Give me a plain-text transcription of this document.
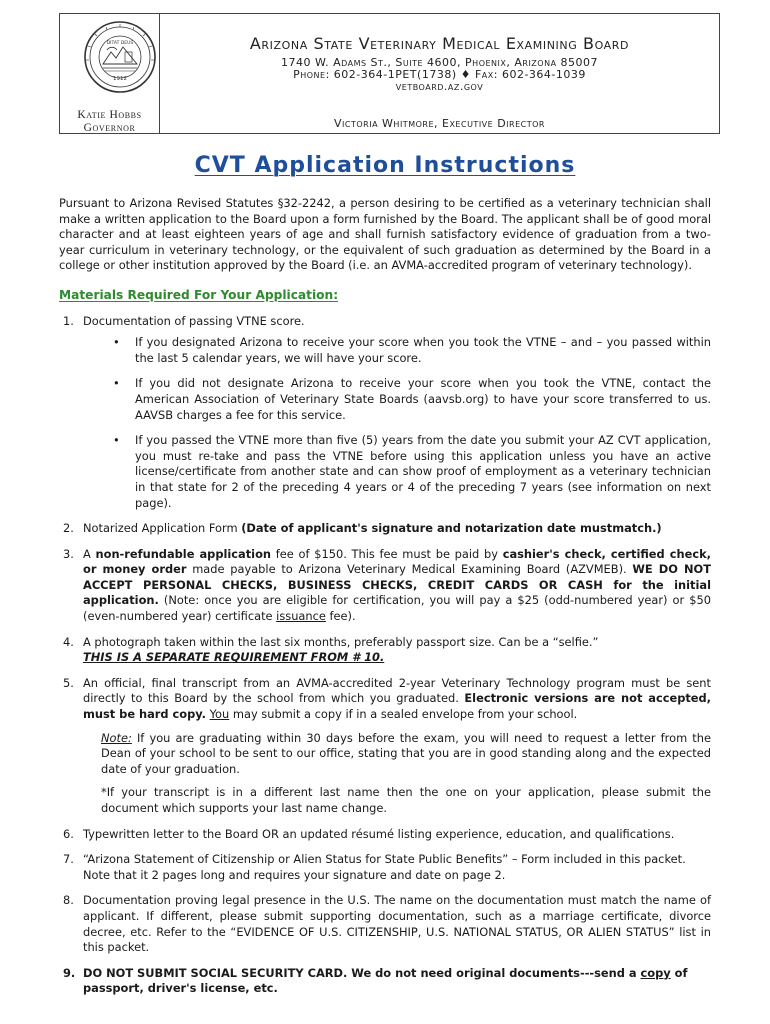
DITAT DEUS
1912
Katie Hobbs
Governor
Arizona State Veterinary Medical Examining Board
1740 W. Adams St., Suite 4600, Phoenix, Arizona 85007
Phone: 602-364-1PET(1738) ♦ Fax: 602-364-1039
vetboard.az.gov
Victoria Whitmore, Executive Director
CVT Application Instructions

Pursuant to Arizona Revised Statutes §32-2242, a person desiring to be certified as a veterinary technician shall make a written application to the Board upon a form furnished by the Board. The applicant shall be of good moral character and at least eighteen years of age and shall furnish satisfactory evidence of graduation from a two-year curriculum in veterinary technology, or the equivalent of such graduation as determined by the Board in a college or other institution approved by the Board (i.e. an AVMA-accredited program of veterinary technology).

Materials Required For Your Application:
1. Documentation of passing VTNE score.
• If you designated Arizona to receive your score when you took the VTNE – and – you passed within the last 5 calendar years, we will have your score.
• If you did not designate Arizona to receive your score when you took the VTNE, contact the American Association of Veterinary State Boards (aavsb.org) to have your score transferred to us. AAVSB charges a fee for this service.
• If you passed the VTNE more than five (5) years from the date you submit your AZ CVT application, you must re-take and pass the VTNE before using this application unless you have an active license/certificate from another state and can show proof of employment as a veterinary technician in that state for 2 of the preceding 4 years or 4 of the preceding 7 years (see information on next page).
2. Notarized Application Form (Date of applicant's signature and notarization date mustmatch.)
3. A non-refundable application fee of $150. This fee must be paid by cashier's check, certified check, or money order made payable to Arizona Veterinary Medical Examining Board (AZVMEB). WE DO NOT ACCEPT PERSONAL CHECKS, BUSINESS CHECKS, CREDIT CARDS OR CASH for the initial application. (Note: once you are eligible for certification, you will pay a $25 (odd-numbered year) or $50 (even-numbered year) certificate issuance fee).
4. A photograph taken within the last six months, preferably passport size. Can be a “selfie.”
THIS IS A SEPARATE REQUIREMENT FROM # 10.
5. An official, final transcript from an AVMA-accredited 2-year Veterinary Technology program must be sent directly to this Board by the school from which you graduated. Electronic versions are not accepted, must be hard copy. You may submit a copy if in a sealed envelope from your school.
Note: If you are graduating within 30 days before the exam, you will need to request a letter from the Dean of your school to be sent to our office, stating that you are in good standing along and the expected date of your graduation.
*If your transcript is in a different last name then the one on your application, please submit the document which supports your last name change.
6. Typewritten letter to the Board OR an updated résumé listing experience, education, and qualifications.
7. “Arizona Statement of Citizenship or Alien Status for State Public Benefits” – Form included in this packet. Note that it 2 pages long and requires your signature and date on page 2.
8. Documentation proving legal presence in the U.S. The name on the documentation must match the name of applicant. If different, please submit supporting documentation, such as a marriage certificate, divorce decree, etc. Refer to the “EVIDENCE OF U.S. CITIZENSHIP, U.S. NATIONAL STATUS, OR ALIEN STATUS” list in this packet.
9. DO NOT SUBMIT SOCIAL SECURITY CARD. We do not need original documents---send a copy of passport, driver's license, etc.
